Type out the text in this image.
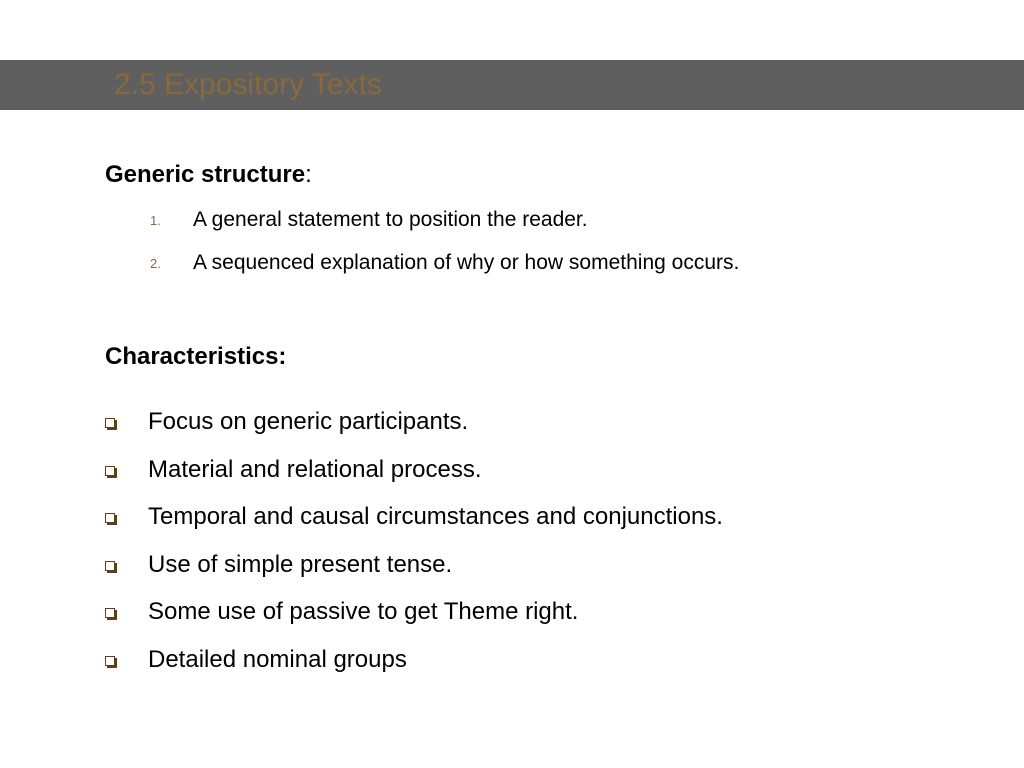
2.5 Expository Texts

Generic structure:

1. A general statement to position the reader.
2. A sequenced explanation of why or how something occurs.

Characteristics:

Focus on generic participants.
Material and relational process.
Temporal and causal circumstances and conjunctions.
Use of simple present tense.
Some use of passive to get Theme right.
Detailed nominal groups
